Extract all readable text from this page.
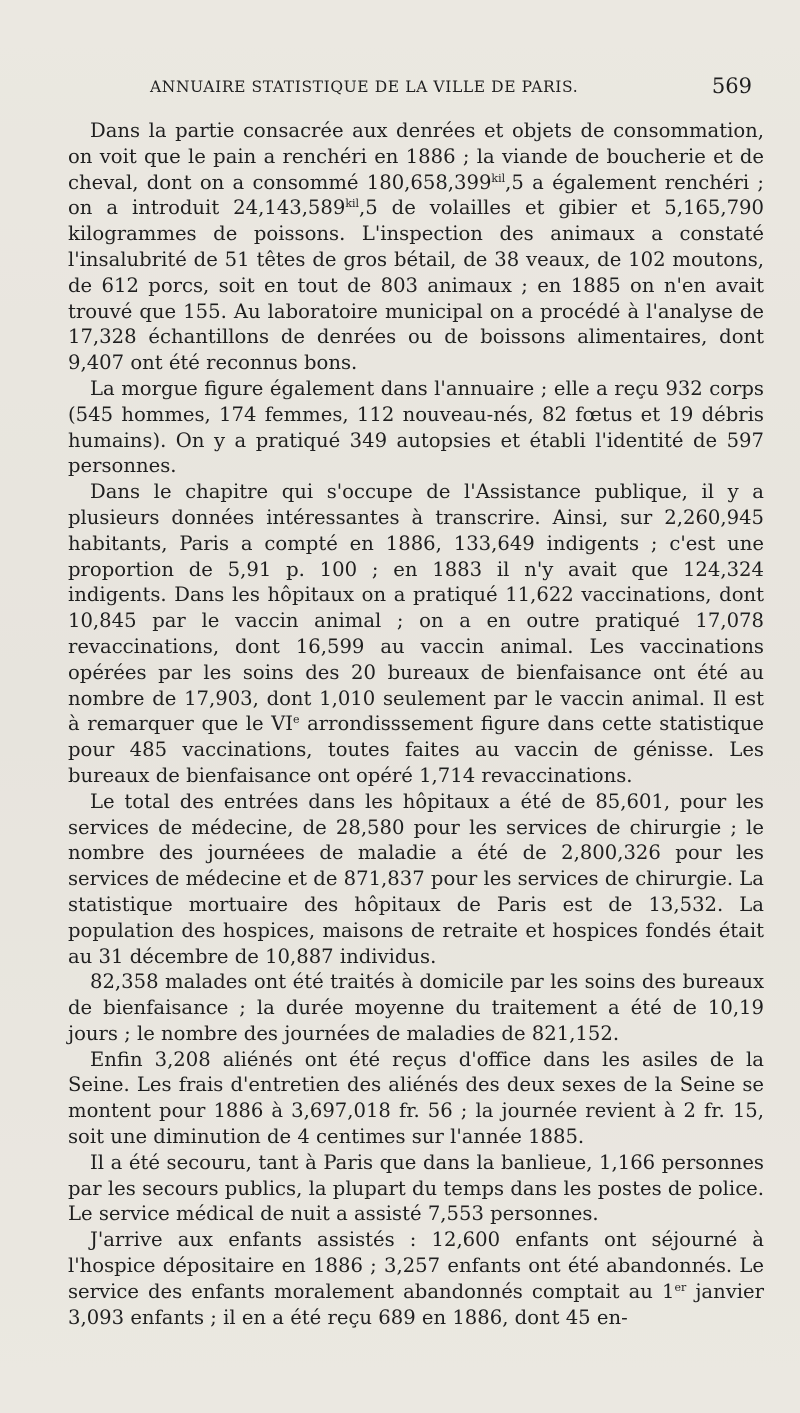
ANNUAIRE STATISTIQUE DE LA VILLE DE PARIS.	569

Dans la partie consacrée aux denrées et objets de consommation, on voit que le pain a renchéri en 1886 ; la viande de boucherie et de cheval, dont on a consommé $180,658,399^{kil},5$ a également renchéri ; on a introduit $24,143,589^{kil},5$ de volailles et gibier et 5,165,790 kilogrammes de poissons. L'inspection des animaux a constaté l'insalubrité de 51 têtes de gros bétail, de 38 veaux, de 102 moutons, de 612 porcs, soit en tout de 803 animaux ; en 1885 on n'en avait trouvé que 155. Au laboratoire municipal on a procédé à l'analyse de 17,328 échantillons de denrées ou de boissons alimentaires, dont 9,407 ont été reconnus bons.

La morgue figure également dans l'annuaire ; elle a reçu 932 corps (545 hommes, 174 femmes, 112 nouveau-nés, 82 fœtus et 19 débris humains). On y a pratiqué 349 autopsies et établi l'identité de 597 personnes.

Dans le chapitre qui s'occupe de l'Assistance publique, il y a plusieurs données intéressantes à transcrire. Ainsi, sur 2,260,945 habitants, Paris a compté en 1886, 133,649 indigents ; c'est une proportion de 5,91 p. 100 ; en 1883 il n'y avait que 124,324 indigents. Dans les hôpitaux on a pratiqué 11,622 vaccinations, dont 10,845 par le vaccin animal ; on a en outre pratiqué 17,078 revaccinations, dont 16,599 au vaccin animal. Les vaccinations opérées par les soins des 20 bureaux de bienfaisance ont été au nombre de 17,903, dont 1,010 seulement par le vaccin animal. Il est à remarquer que le VIe arrondisssement figure dans cette statistique pour 485 vaccinations, toutes faites au vaccin de génisse. Les bureaux de bienfaisance ont opéré 1,714 revaccinations.

Le total des entrées dans les hôpitaux a été de 85,601, pour les services de médecine, de 28,580 pour les services de chirurgie ; le nombre des journéees de maladie a été de 2,800,326 pour les services de médecine et de 871,837 pour les services de chirurgie. La statistique mortuaire des hôpitaux de Paris est de 13,532. La population des hospices, maisons de retraite et hospices fondés était au 31 décembre de 10,887 individus.

82,358 malades ont été traités à domicile par les soins des bureaux de bienfaisance ; la durée moyenne du traitement a été de 10,19 jours ; le nombre des journées de maladies de 821,152.

Enfin 3,208 aliénés ont été reçus d'office dans les asiles de la Seine. Les frais d'entretien des aliénés des deux sexes de la Seine se montent pour 1886 à 3,697,018 fr. 56 ; la journée revient à 2 fr. 15, soit une diminution de 4 centimes sur l'année 1885.

Il a été secouru, tant à Paris que dans la banlieue, 1,166 personnes par les secours publics, la plupart du temps dans les postes de police. Le service médical de nuit a assisté 7,553 personnes.

J'arrive aux enfants assistés : 12,600 enfants ont séjourné à l'hospice dépositaire en 1886 ; 3,257 enfants ont été abandonnés. Le service des enfants moralement abandonnés comptait au 1er janvier 3,093 enfants ; il en a été reçu 689 en 1886, dont 45 en-
